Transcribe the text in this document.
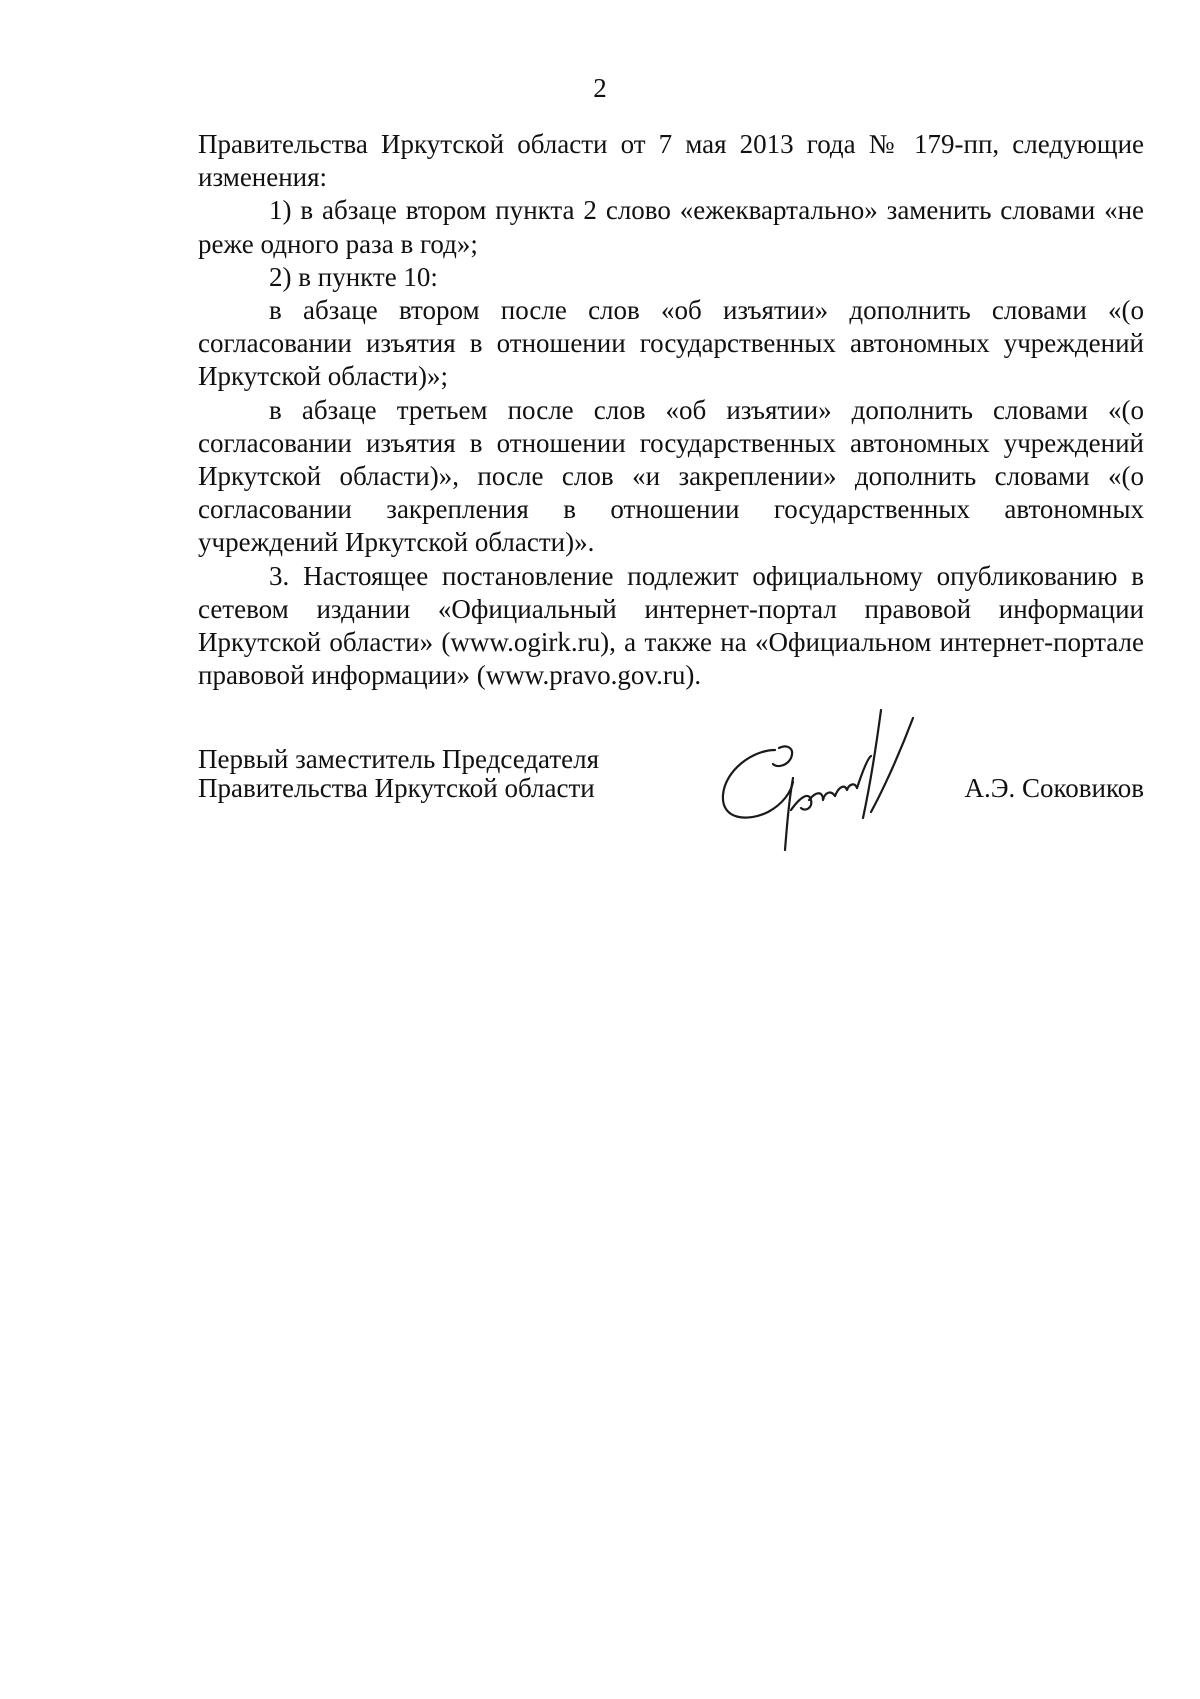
2

Правительства Иркутской области от 7 мая 2013 года № 179-пп, следующие изменения:

1) в абзаце втором пункта 2 слово «ежеквартально» заменить словами «не реже одного раза в год»;

2) в пункте 10:

в абзаце втором после слов «об изъятии» дополнить словами «(о согласовании изъятия в отношении государственных автономных учреждений Иркутской области)»;

в абзаце третьем после слов «об изъятии» дополнить словами «(о согласовании изъятия в отношении государственных автономных учреждений Иркутской области)», после слов «и закреплении» дополнить словами «(о согласовании закрепления в отношении государственных автономных учреждений Иркутской области)».

3. Настоящее постановление подлежит официальному опубликованию в сетевом издании «Официальный интернет-портал правовой информации Иркутской области» (www.ogirk.ru), а также на «Официальном интернет-портале правовой информации» (www.pravo.gov.ru).

Первый заместитель Председателя
Правительства Иркутской области	А.Э. Соковиков
